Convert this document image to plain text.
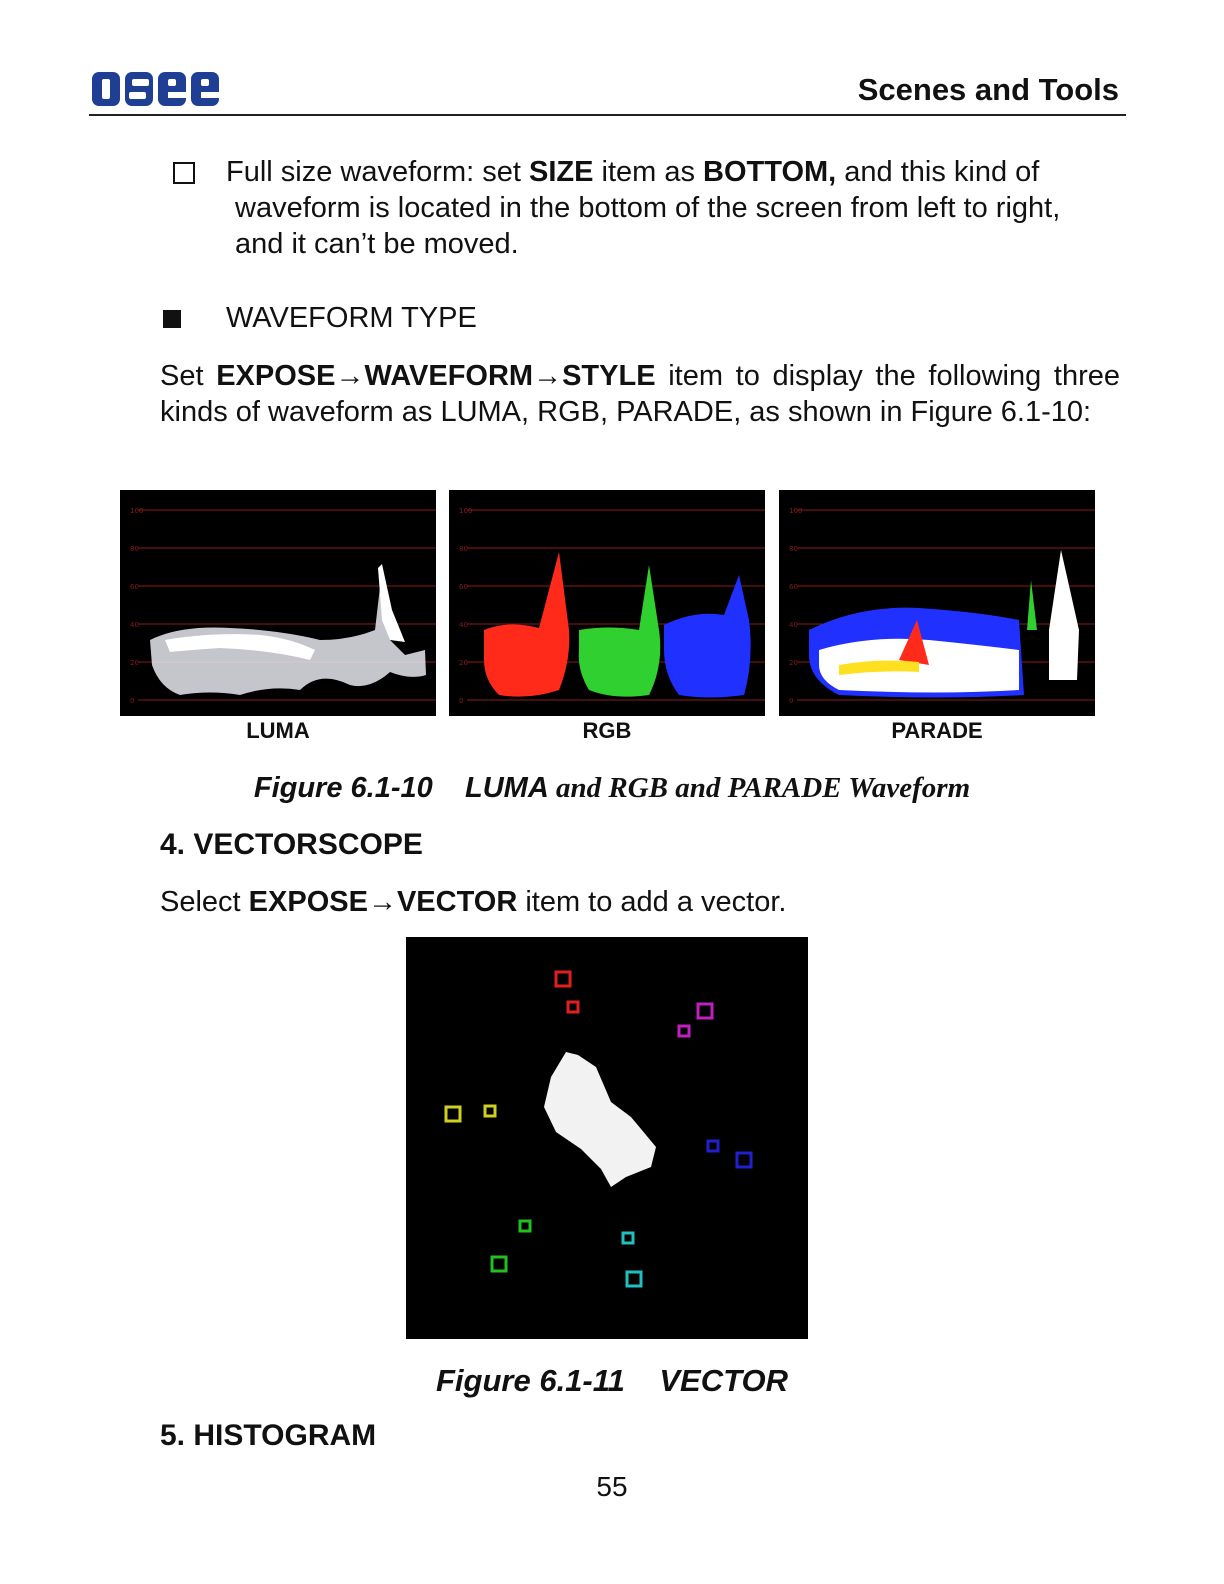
Scenes and Tools
Full size waveform: set SIZE item as BOTTOM, and this kind of
waveform is located in the bottom of the screen from left to right,
and it can’t be moved.
WAVEFORM TYPE
Set EXPOSE→WAVEFORM→STYLE item to display the following three kinds of waveform as LUMA, RGB, PARADE, as shown in Figure 6.1-10:
100
80
60
40
20
0
100
80
60
40
20
0
100
80
60
40
20
0
LUMA	RGB	PARADE
Figure 6.1-10 LUMA and RGB and PARADE Waveform
4. VECTORSCOPE
Select EXPOSE→VECTOR item to add a vector.
Figure 6.1-11 VECTOR
5. HISTOGRAM
55
